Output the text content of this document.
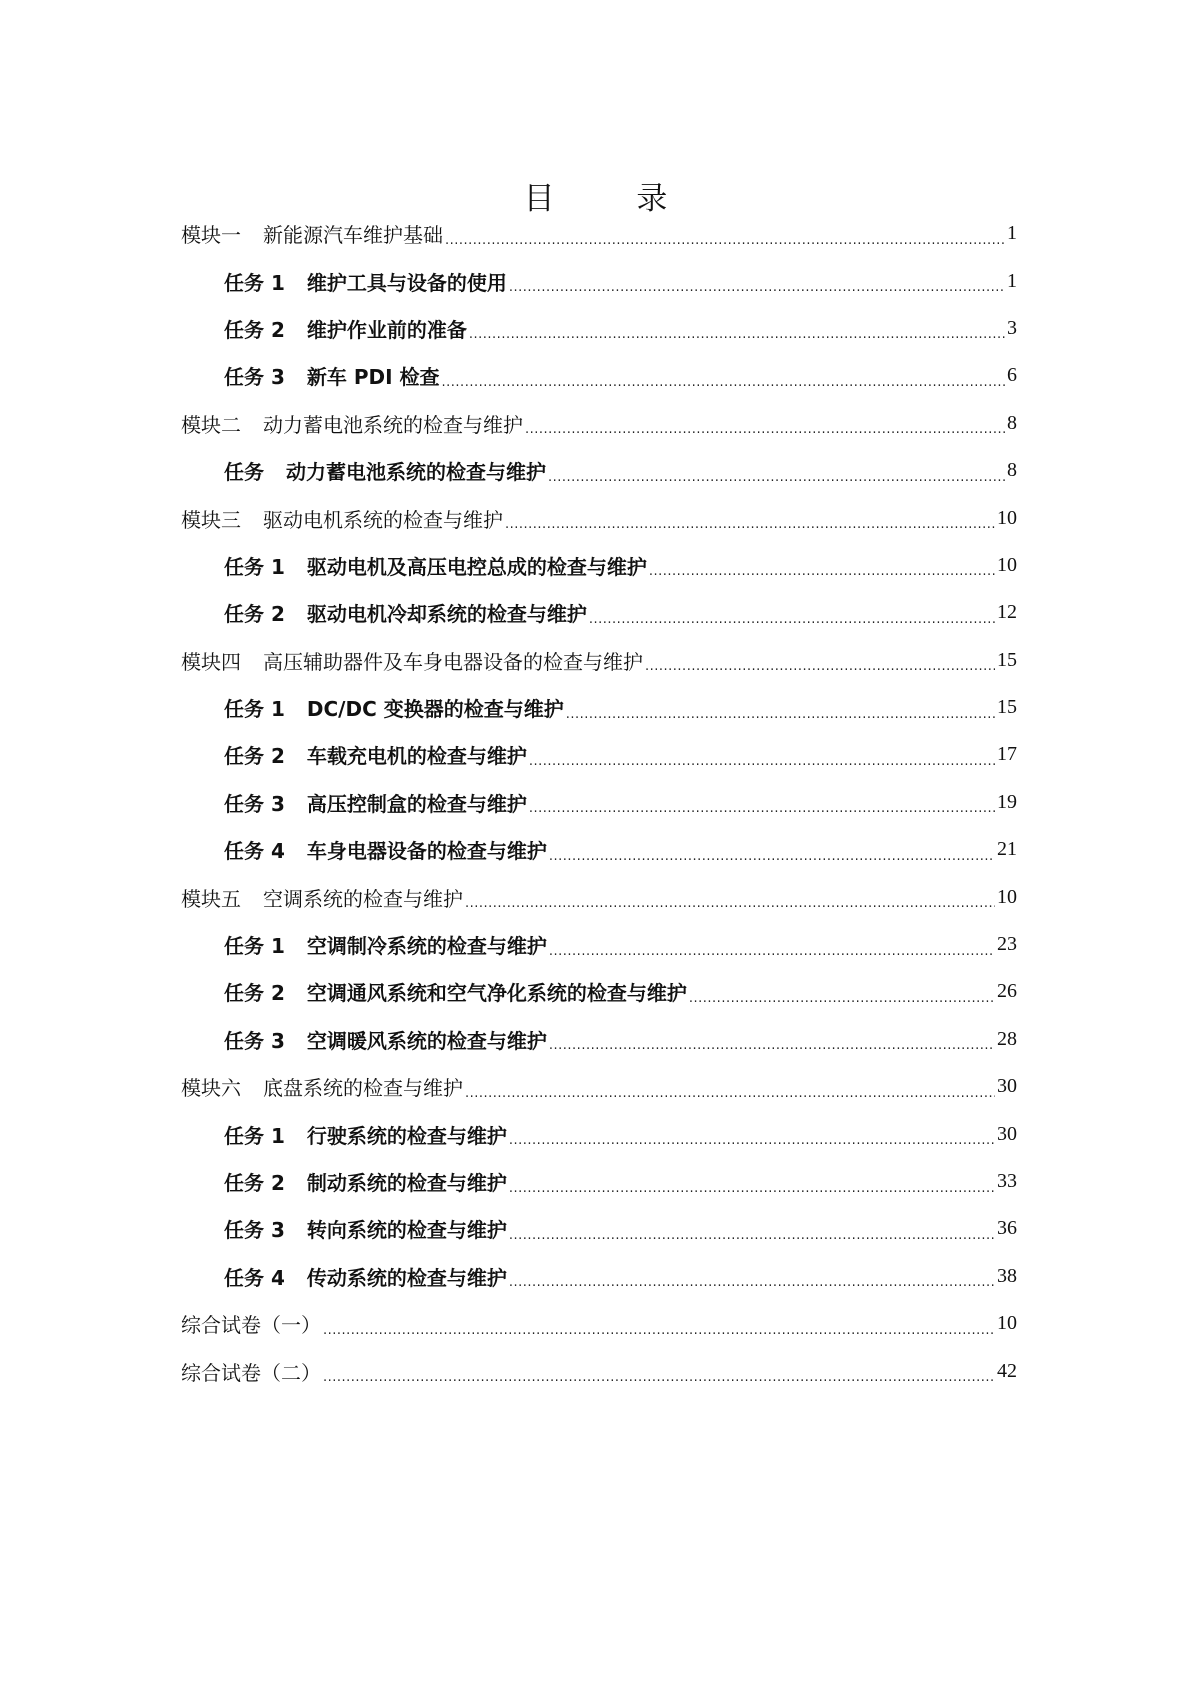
目 录
模块一 新能源汽车维护基础 .....	1
任务 1 维护工具与设备的使用 .....	1
任务 2 维护作业前的准备 .....	3
任务 3 新车 PDI 检查 .....	6
模块二 动力蓄电池系统的检查与维护 .....	8
任务 动力蓄电池系统的检查与维护 .....	8
模块三 驱动电机系统的检查与维护 .....	10
任务 1 驱动电机及高压电控总成的检查与维护 .....	10
任务 2 驱动电机冷却系统的检查与维护 .....	12
模块四 高压辅助器件及车身电器设备的检查与维护 .....	15
任务 1 DC/DC 变换器的检查与维护 .....	15
任务 2 车载充电机的检查与维护 .....	17
任务 3 高压控制盒的检查与维护 .....	19
任务 4 车身电器设备的检查与维护 .....	21
模块五 空调系统的检查与维护 .....	10
任务 1 空调制冷系统的检查与维护 .....	23
任务 2 空调通风系统和空气净化系统的检查与维护 .....	26
任务 3 空调暖风系统的检查与维护 .....	28
模块六 底盘系统的检查与维护 .....	30
任务 1 行驶系统的检查与维护 .....	30
任务 2 制动系统的检查与维护 .....	33
任务 3 转向系统的检查与维护 .....	36
任务 4 传动系统的检查与维护 .....	38
综合试卷（一） .....	10
综合试卷（二） .....	42
